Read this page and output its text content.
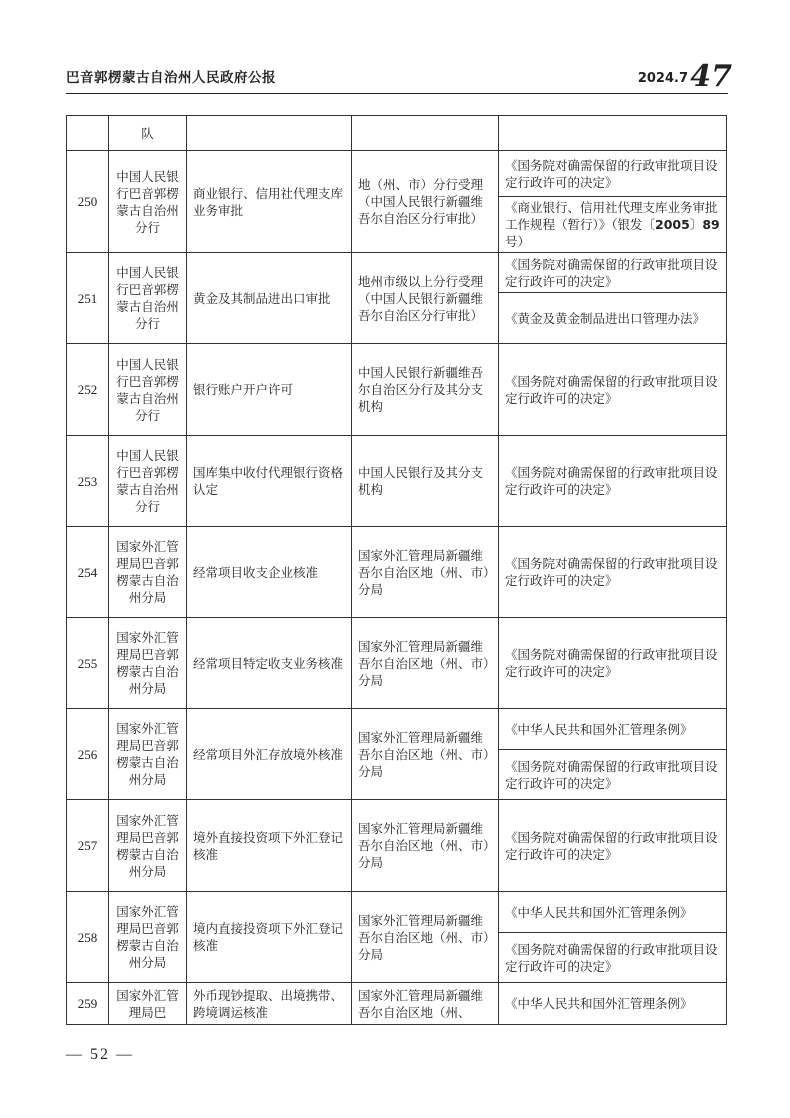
巴音郭楞蒙古自治州人民政府公报	2024.7 47
	队			
250	中国人民银行巴音郭楞蒙古自治州分行	商业银行、信用社代理支库业务审批	地（州、市）分行受理（中国人民银行新疆维吾尔自治区分行审批）	《国务院对确需保留的行政审批项目设定行政许可的决定》
				《商业银行、信用社代理支库业务审批工作规程（暂行）》（银发〔2005〕89 号）
251	中国人民银行巴音郭楞蒙古自治州分行	黄金及其制品进出口审批	地州市级以上分行受理（中国人民银行新疆维吾尔自治区分行审批）	《国务院对确需保留的行政审批项目设定行政许可的决定》
				《黄金及黄金制品进出口管理办法》
252	中国人民银行巴音郭楞蒙古自治州分行	银行账户开户许可	中国人民银行新疆维吾尔自治区分行及其分支机构	《国务院对确需保留的行政审批项目设定行政许可的决定》
253	中国人民银行巴音郭楞蒙古自治州分行	国库集中收付代理银行资格认定	中国人民银行及其分支机构	《国务院对确需保留的行政审批项目设定行政许可的决定》
254	国家外汇管理局巴音郭楞蒙古自治州分局	经常项目收支企业核准	国家外汇管理局新疆维吾尔自治区地（州、市）分局	《国务院对确需保留的行政审批项目设定行政许可的决定》
255	国家外汇管理局巴音郭楞蒙古自治州分局	经常项目特定收支业务核准	国家外汇管理局新疆维吾尔自治区地（州、市）分局	《国务院对确需保留的行政审批项目设定行政许可的决定》
256	国家外汇管理局巴音郭楞蒙古自治州分局	经常项目外汇存放境外核准	国家外汇管理局新疆维吾尔自治区地（州、市）分局	《中华人民共和国外汇管理条例》
				《国务院对确需保留的行政审批项目设定行政许可的决定》
257	国家外汇管理局巴音郭楞蒙古自治州分局	境外直接投资项下外汇登记核准	国家外汇管理局新疆维吾尔自治区地（州、市）分局	《国务院对确需保留的行政审批项目设定行政许可的决定》
258	国家外汇管理局巴音郭楞蒙古自治州分局	境内直接投资项下外汇登记核准	国家外汇管理局新疆维吾尔自治区地（州、市）分局	《中华人民共和国外汇管理条例》
				《国务院对确需保留的行政审批项目设定行政许可的决定》
259	国家外汇管理局巴	外币现钞提取、出境携带、跨境调运核准	国家外汇管理局新疆维吾尔自治区地（州、	《中华人民共和国外汇管理条例》
— 52 —
